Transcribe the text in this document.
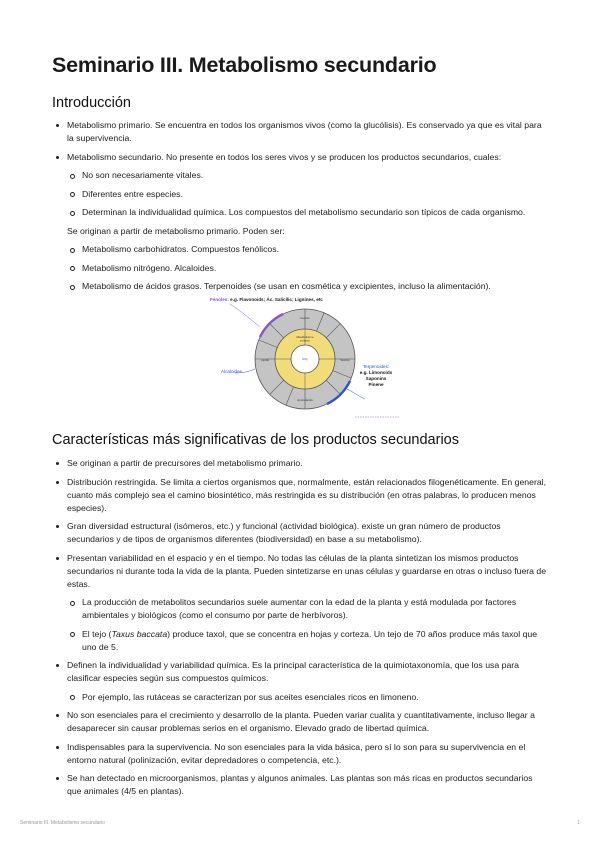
Seminario III. Metabolismo secundario
Introducción
Metabolismo primario. Se encuentra en todos los organismos vivos (como la glucólisis). Es conservado ya que es vital para la supervivencia.
Metabolismo secundario. No presente en todos los seres vivos y se producen los productos secundarios, cuales:
No son necesariamente vitales.
Diferentes entre especies.
Determinan la individualidad química. Los compuestos del metabolismo secundario son típicos de cada organismo.

Se originan a partir de metabolismo primario. Poden ser:

Metabolismo carbohidratos. Compuestos fenólicos.
Metabolismo nitrógeno. Alcaloides.
Metabolismo de ácidos grasos. Terpenoides (se usan en cosmética y excipientes, incluso la alimentación).
Metabolisme
primari
Lipids	Sucres
Aminoàcids
Fenols
CO₂
Fenoles: e.g. Flavonoids; Ác. Salicílic; Lignines, etc
Alcaloides
Terpenoides:
e.g. Limonoids
Saponins
Pinene
Características más significativas de los productos secundarios
Se originan a partir de precursores del metabolismo primario.
Distribución restringida. Se limita a ciertos organismos que, normalmente, están relacionados filogenéticamente. En general, cuanto más complejo sea el camino biosintético, más restringida es su distribución (en otras palabras, lo producen menos especies).
Gran diversidad estructural (isómeros, etc.) y funcional (actividad biológica). existe un gran número de productos secundarios y de tipos de organismos diferentes (biodiversidad) en base a su metabolismo).
Presentan variabilidad en el espacio y en el tiempo. No todas las células de la planta sintetizan los mismos productos secundarios ni durante toda la vida de la planta. Pueden sintetizarse en unas células y guardarse en otras o incluso fuera de estas.
La producción de metabolitos secundarios suele aumentar con la edad de la planta y está modulada por factores ambientales y biológicos (como el consumo por parte de herbívoros).
El tejo (Taxus baccata) produce taxol, que se concentra en hojas y corteza. Un tejo de 70 años produce más taxol que uno de 5.
Definen la individualidad y variabilidad química. Es la principal característica de la quimiotaxonomía, que los usa para clasificar especies según sus compuestos químicos.
Por ejemplo, las rutáceas se caracterizan por sus aceites esenciales ricos en limoneno.
No son esenciales para el crecimiento y desarrollo de la planta. Pueden variar cualita y cuantitativamente, incluso llegar a desaparecer sin causar problemas serios en el organismo. Elevado grado de libertad química.
Indispensables para la supervivencia. No son esenciales para la vida básica, pero sí lo son para su supervivencia en el entorno natural (polinización, evitar depredadores o competencia, etc.).
Se han detectado en microorganismos, plantas y algunos animales. Las plantas son más ricas en productos secundarios que animales (4/5 en plantas).
Seminario III. Metabolismo secundario	1
